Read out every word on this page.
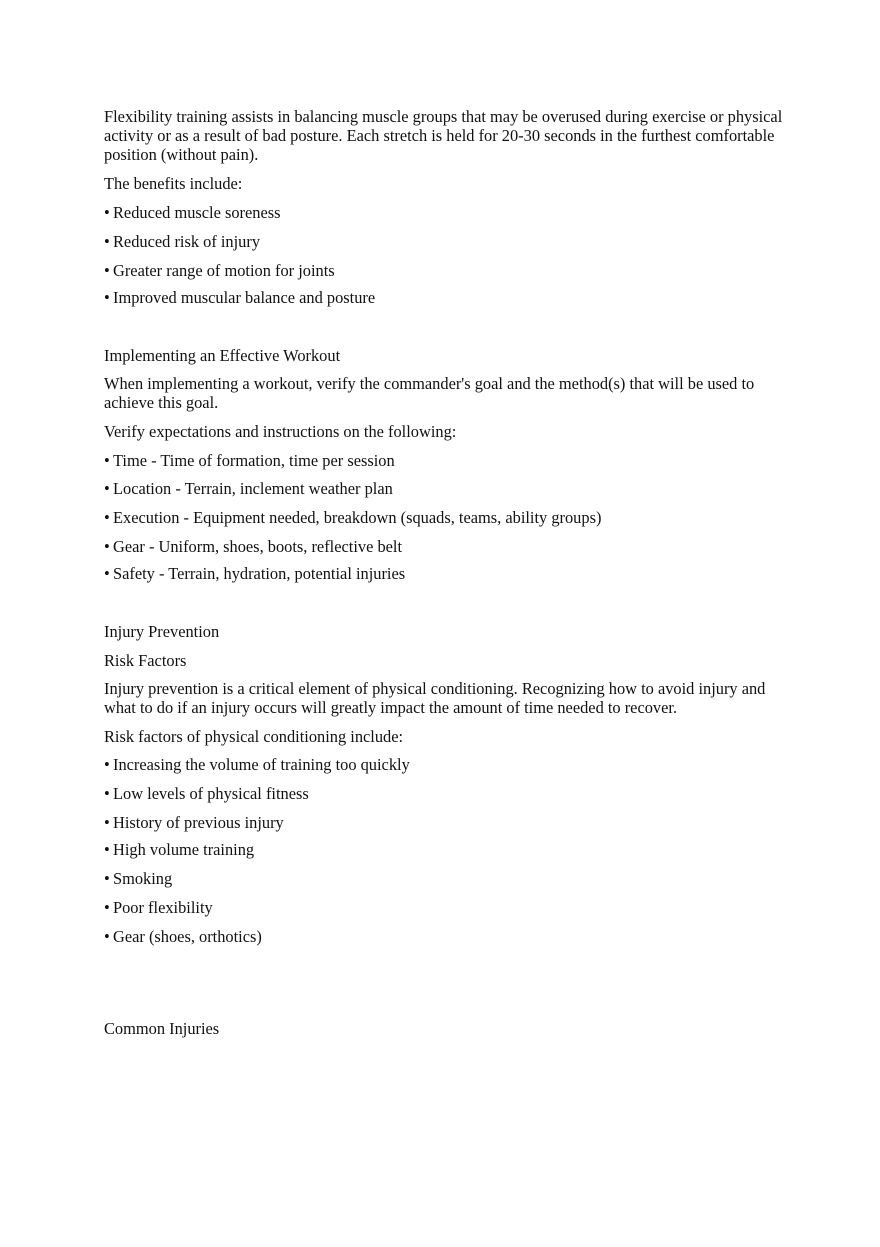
Flexibility training assists in balancing muscle groups that may be overused during exercise or physical activity or as a result of bad posture. Each stretch is held for 20-30 seconds in the furthest comfortable position (without pain).

The benefits include:

• Reduced muscle soreness
• Reduced risk of injury
• Greater range of motion for joints
• Improved muscular balance and posture

Implementing an Effective Workout

When implementing a workout, verify the commander's goal and the method(s) that will be used to achieve this goal.

Verify expectations and instructions on the following:

• Time - Time of formation, time per session
• Location - Terrain, inclement weather plan
• Execution - Equipment needed, breakdown (squads, teams, ability groups)
• Gear - Uniform, shoes, boots, reflective belt
• Safety - Terrain, hydration, potential injuries

Injury Prevention

Risk Factors

Injury prevention is a critical element of physical conditioning. Recognizing how to avoid injury and what to do if an injury occurs will greatly impact the amount of time needed to recover.

Risk factors of physical conditioning include:

• Increasing the volume of training too quickly
• Low levels of physical fitness
• History of previous injury
• High volume training
• Smoking
• Poor flexibility
• Gear (shoes, orthotics)

Common Injuries
